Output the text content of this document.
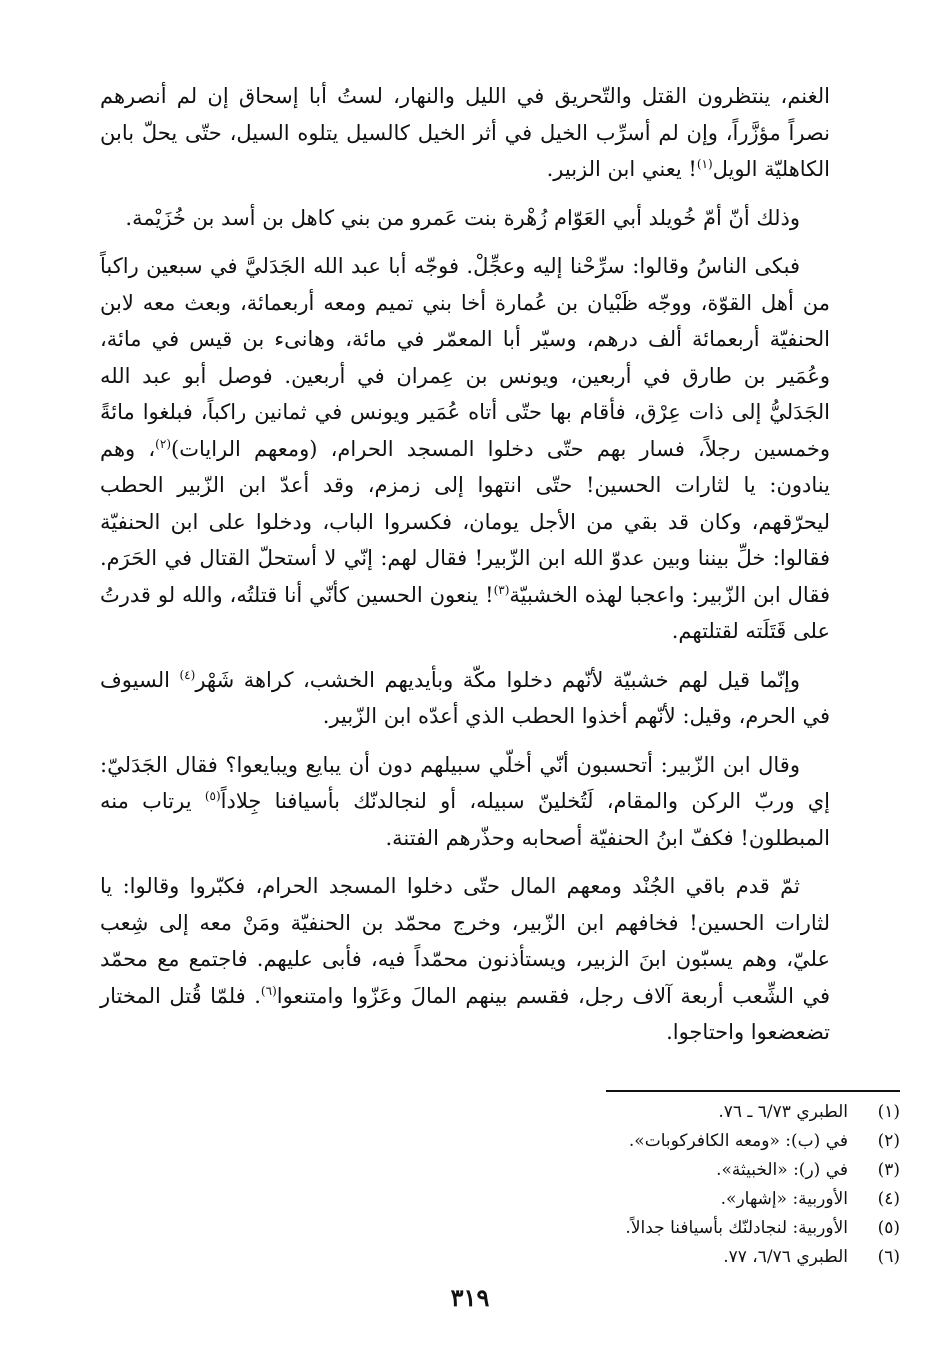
الغنم، ينتظرون القتل والتّحريق في الليل والنهار، لستُ أبا إسحاق إن لم أنصرهم نصراً مؤزَّراً، وإن لم أسرِّب الخيل في أثر الخيل كالسيل يتلوه السيل، حتّى يحلّ بابن الكاهليّة الويل$^{(١)}$! يعني ابن الزبير.

وذلك أنّ أمّ خُويلد أبي العَوّام زُهْرة بنت عَمرو من بني كاهل بن أسد بن خُزَيْمة.

فبكى الناسُ وقالوا: سرِّحْنا إليه وعجِّلْ. فوجّه أبا عبد الله الجَدَليَّ في سبعين راكباً من أهل القوّة، ووجّه ظَبْيان بن عُمارة أخا بني تميم ومعه أربعمائة، وبعث معه لابن الحنفيّة أربعمائة ألف درهم، وسيّر أبا المعمّر في مائة، وهانىء بن قيس في مائة، وعُمَير بن طارق في أربعين، ويونس بن عِمران في أربعين. فوصل أبو عبد الله الجَدَليُّ إلى ذات عِرْق، فأقام بها حتّى أتاه عُمَير ويونس في ثمانين راكباً، فبلغوا مائةً وخمسين رجلاً، فسار بهم حتّى دخلوا المسجد الحرام، (ومعهم الرايات)$^{(٢)}$، وهم ينادون: يا لثارات الحسين! حتّى انتهوا إلى زمزم، وقد أعدّ ابن الزّبير الحطب ليحرّقهم، وكان قد بقي من الأجل يومان، فكسروا الباب، ودخلوا على ابن الحنفيّة فقالوا: خلِّ بيننا وبين عدوّ الله ابن الزّبير! فقال لهم: إنّي لا أستحلّ القتال في الحَرَم. فقال ابن الزّبير: واعجبا لهذه الخشبيّة$^{(٣)}$! ينعون الحسين كأنّي أنا قتلتُه، والله لو قدرتُ على قَتَلَته لقتلتهم.

وإنّما قيل لهم خشبيّة لأنّهم دخلوا مكّة وبأيديهم الخشب، كراهة شَهْر$^{(٤)}$ السيوف في الحرم، وقيل: لأنّهم أخذوا الحطب الذي أعدّه ابن الزّبير.

وقال ابن الزّبير: أتحسبون أنّي أخلّي سبيلهم دون أن يبايع ويبايعوا؟ فقال الجَدَليّ: إي وربّ الركن والمقام، لَتُخلينّ سبيله، أو لنجالدنّك بأسيافنا جِلاداً$^{(٥)}$ يرتاب منه المبطلون! فكفّ ابنُ الحنفيّة أصحابه وحذّرهم الفتنة.

ثمّ قدم باقي الجُنْد ومعهم المال حتّى دخلوا المسجد الحرام، فكبّروا وقالوا: يا لثارات الحسين! فخافهم ابن الزّبير، وخرج محمّد بن الحنفيّة ومَنْ معه إلى شِعب عليّ، وهم يسبّون ابنَ الزبير، ويستأذنون محمّداً فيه، فأبى عليهم. فاجتمع مع محمّد في الشِّعب أربعة آلاف رجل، فقسم بينهم المالَ وعَزّوا وامتنعوا$^{(٦)}$. فلمّا قُتل المختار تضعضعوا واحتاجوا.

(١)
الطبري ٦/٧٣ ـ ٧٦.
(٢)
في (ب): «ومعه الكافركوبات».
(٣)
في (ر): «الخبيثة».
(٤)
الأوربية: «إشهار».
(٥)
الأوربية: لنجادلنّك بأسيافنا جدالاً.
(٦)
الطبري ٦/٧٦، ٧٧.
٣١٩
